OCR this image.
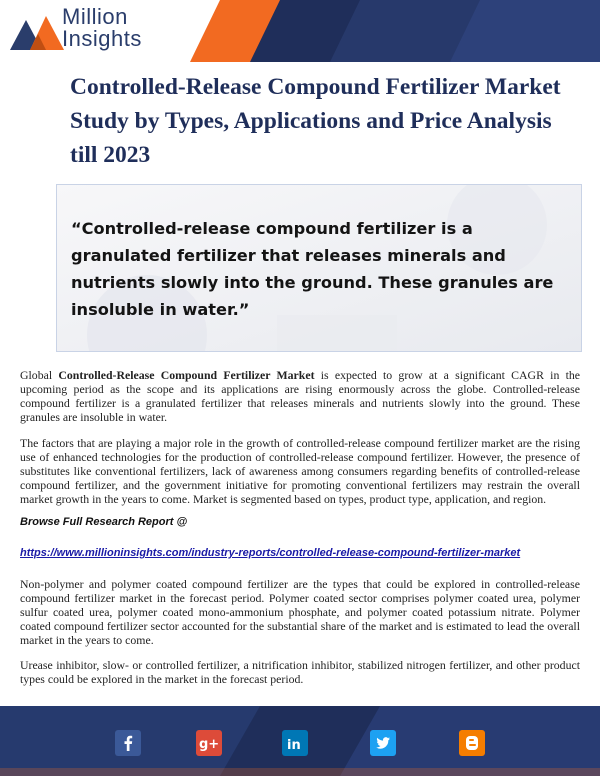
Million
Insights
Controlled-Release Compound Fertilizer Market Study by Types, Applications and Price Analysis till 2023
“Controlled-release compound fertilizer is a granulated fertilizer that releases minerals and nutrients slowly into the ground. These granules are insoluble in water.”
Global Controlled-Release Compound Fertilizer Market is expected to grow at a significant CAGR in the upcoming period as the scope and its applications are rising enormously across the globe. Controlled-release compound fertilizer is a granulated fertilizer that releases minerals and nutrients slowly into the ground. These granules are insoluble in water.
The factors that are playing a major role in the growth of controlled-release compound fertilizer market are the rising use of enhanced technologies for the production of controlled-release compound fertilizer. However, the presence of substitutes like conventional fertilizers, lack of awareness among consumers regarding benefits of controlled-release compound fertilizer, and the government initiative for promoting conventional fertilizers may restrain the overall market growth in the years to come. Market is segmented based on types, product type, application, and region.
Browse Full Research Report @
https://www.millioninsights.com/industry-reports/controlled-release-compound-fertilizer-market
Non-polymer and polymer coated compound fertilizer are the types that could be explored in controlled-release compound fertilizer market in the forecast period. Polymer coated sector comprises polymer coated urea, polymer sulfur coated urea, polymer coated mono-ammonium phosphate, and polymer coated potassium nitrate. Polymer coated compound fertilizer sector accounted for the substantial share of the market and is estimated to lead the overall market in the years to come.
Urease inhibitor, slow- or controlled fertilizer, a nitrification inhibitor, stabilized nitrogen fertilizer, and other product types could be explored in the market in the forecast period.
g+	in
